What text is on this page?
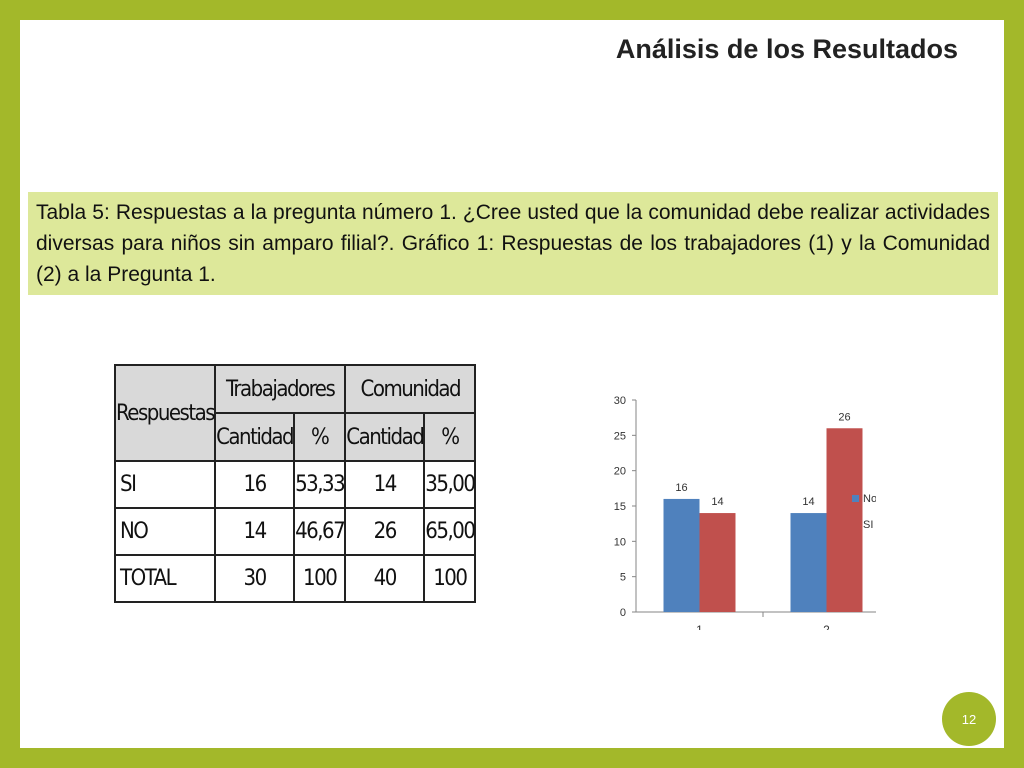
Análisis de los Resultados
Tabla 5: Respuestas a la pregunta número 1. ¿Cree usted que la comunidad debe realizar actividades diversas para niños sin amparo filial?. Gráfico 1: Respuestas de los trabajadores (1) y la Comunidad (2) a la Pregunta 1.
Respuestas	Trabajadores		Comunidad	
	Cantidad	%	Cantidad	%
SI	16	53,33	14	35,00
NO	14	46,67	26	65,00
TOTAL	30	100	40	100
0
5
10
15
20
25
30
16
14
1
14
26
2
No
SI
12
